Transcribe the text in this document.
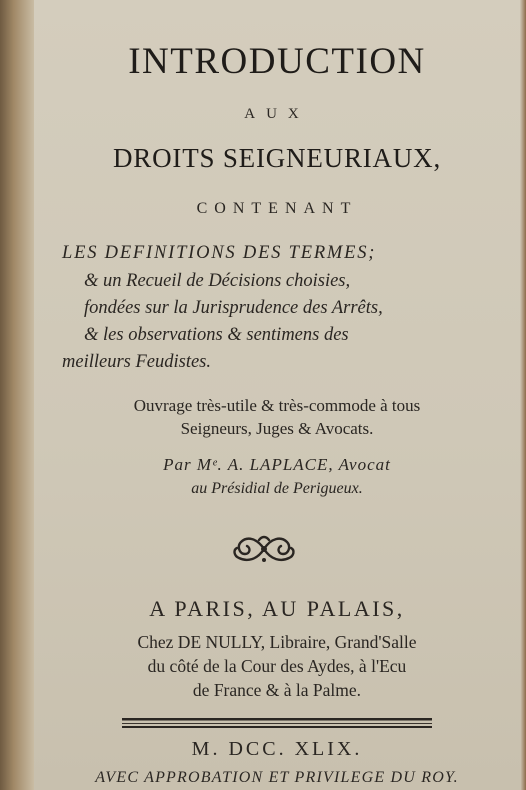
INTRODUCTION
AUX
DROITS SEIGNEURIAUX,
CONTENANT
LES DEFINITIONS DES TERMES;
& un Recueil de Décisions choisies,
fondées sur la Jurisprudence des Arrêts,
& les observations & sentimens des
meilleurs Feudistes.
Ouvrage très-utile & très-commode à tous
Seigneurs, Juges & Avocats.
Par Mᵉ. A. LAPLACE, Avocat
au Présidial de Perigueux.
A PARIS, AU PALAIS,
Chez DE NULLY, Libraire, Grand'Salle
du côté de la Cour des Aydes, à l'Ecu
de France & à la Palme.
M. DCC. XLIX.
AVEC APPROBATION ET PRIVILEGE DU ROY.
